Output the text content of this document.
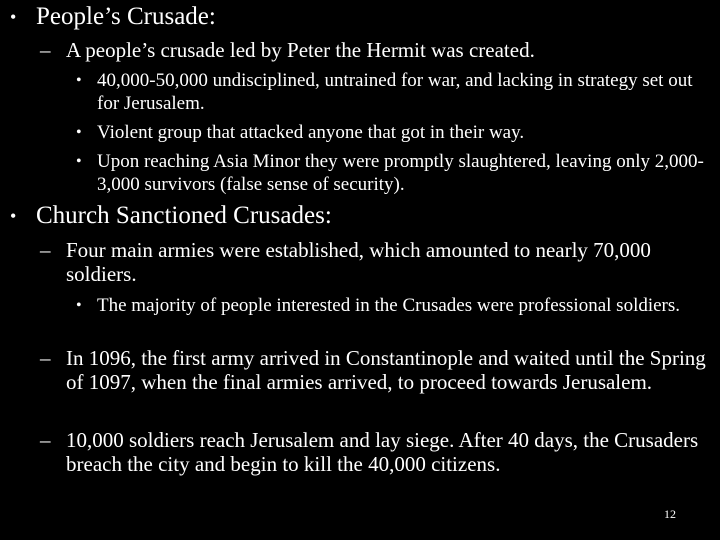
• People’s Crusade:
– A people’s crusade led by Peter the Hermit was created.
• 40,000-50,000 undisciplined, untrained for war, and lacking in strategy set out for Jerusalem.
• Violent group that attacked anyone that got in their way.
• Upon reaching Asia Minor they were promptly slaughtered, leaving only 2,000-3,000 survivors (false sense of security).
• Church Sanctioned Crusades:
– Four main armies were established, which amounted to nearly 70,000 soldiers.
• The majority of people interested in the Crusades were professional soldiers.
– In 1096, the first army arrived in Constantinople and waited until the Spring of 1097, when the final armies arrived, to proceed towards Jerusalem.
– 10,000 soldiers reach Jerusalem and lay siege. After 40 days, the Crusaders breach the city and begin to kill the 40,000 citizens.
12
